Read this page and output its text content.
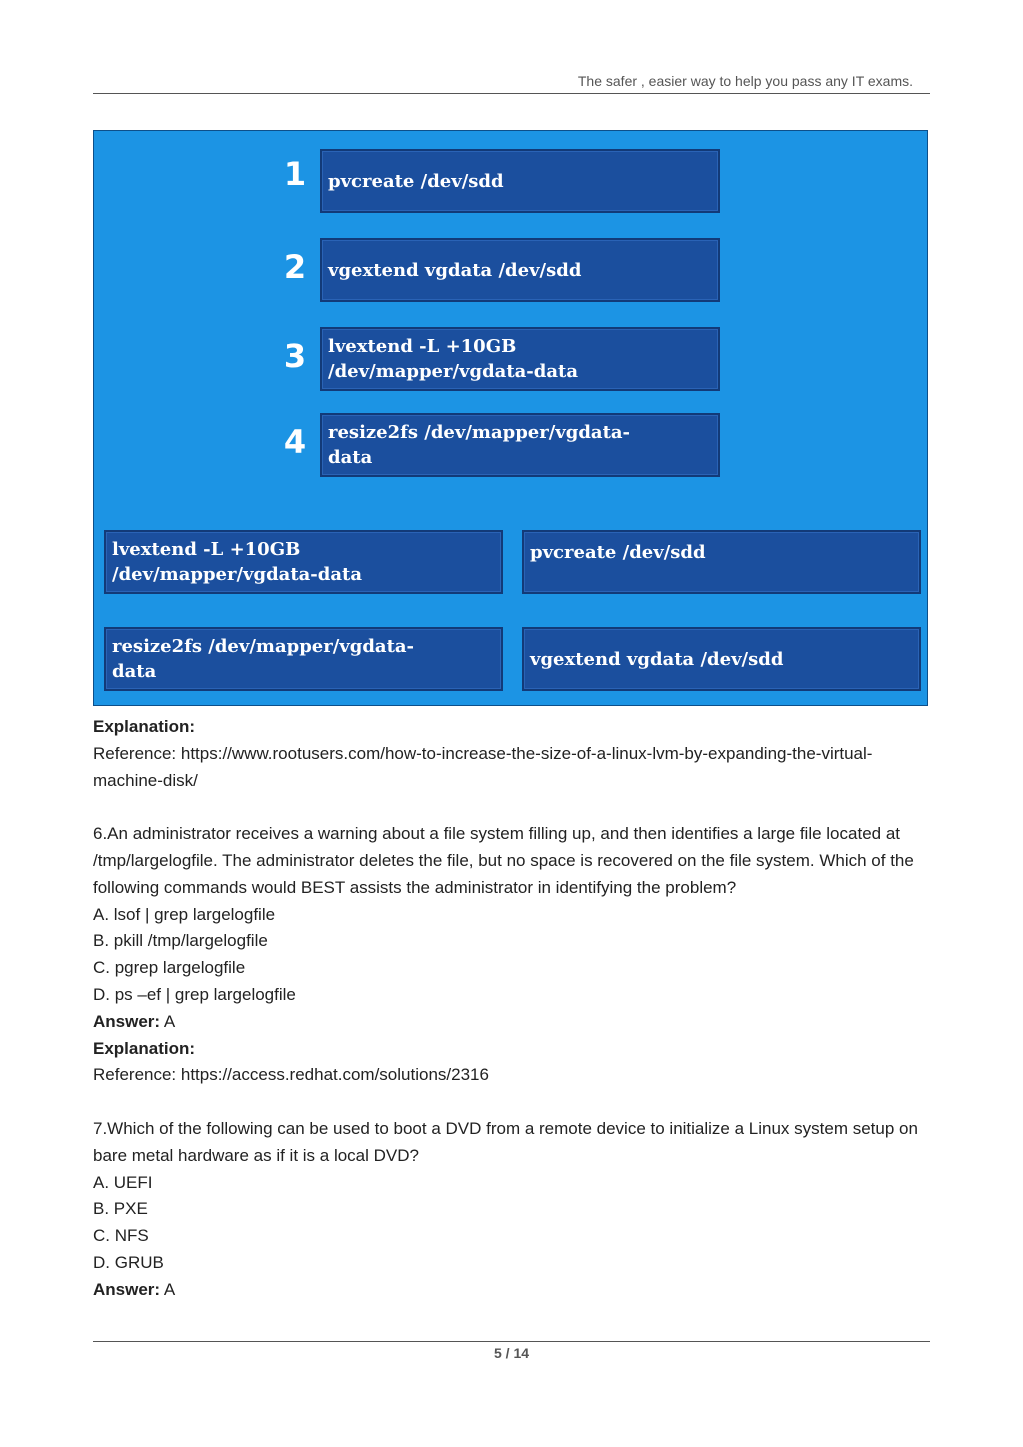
The safer , easier way to help you pass any IT exams.
1	pvcreate /dev/sdd
2	vgextend vgdata /dev/sdd
3	lvextend -L +10GB
/dev/mapper/vgdata-data
4	resize2fs /dev/mapper/vgdata-
data
lvextend -L +10GB
/dev/mapper/vgdata-data
pvcreate /dev/sdd
resize2fs /dev/mapper/vgdata-
data
vgextend vgdata /dev/sdd

Explanation:

Reference: https://www.rootusers.com/how-to-increase-the-size-of-a-linux-lvm-by-expanding-the-virtual-machine-disk/

6.An administrator receives a warning about a file system filling up, and then identifies a large file located at /tmp/largelogfile. The administrator deletes the file, but no space is recovered on the file system. Which of the following commands would BEST assists the administrator in identifying the problem?

A. lsof | grep largelogfile

B. pkill /tmp/largelogfile

C. pgrep largelogfile

D. ps –ef | grep largelogfile

Answer: A

Explanation:

Reference: https://access.redhat.com/solutions/2316

7.Which of the following can be used to boot a DVD from a remote device to initialize a Linux system setup on bare metal hardware as if it is a local DVD?

A. UEFI

B. PXE

C. NFS

D. GRUB

Answer: A

5 / 14
